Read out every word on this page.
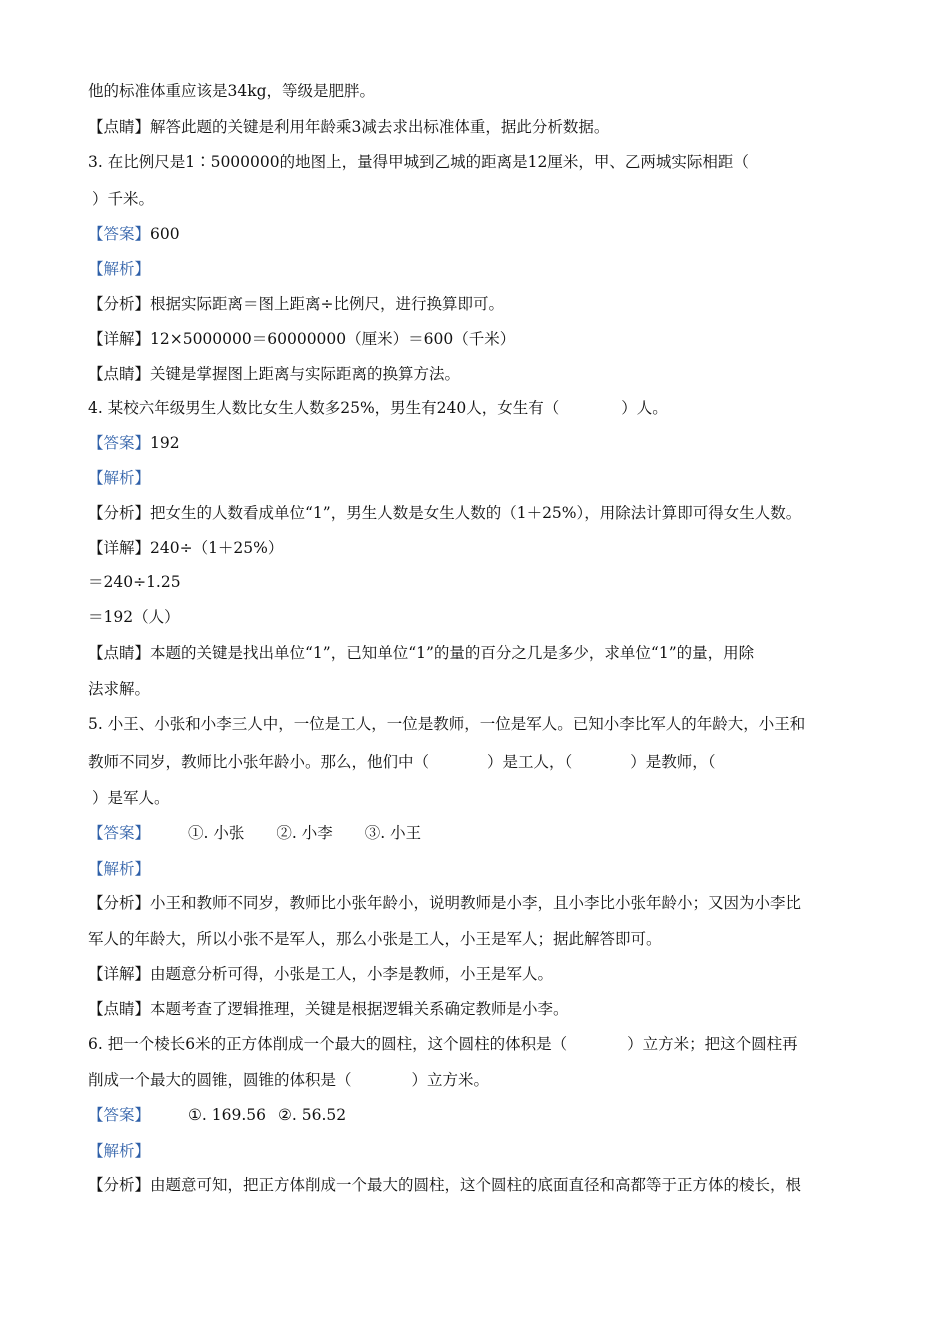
他的标准体重应该是34kg，等级是肥胖。
【点睛】解答此题的关键是利用年龄乘3减去求出标准体重，据此分析数据。
3. 在比例尺是1∶5000000的地图上，量得甲城到乙城的距离是12厘米，甲、乙两城实际相距（
）千米。
【答案】600
【解析】
【分析】根据实际距离＝图上距离÷比例尺，进行换算即可。
【详解】12×5000000＝60000000（厘米）＝600（千米）
【点睛】关键是掌握图上距离与实际距离的换算方法。
4. 某校六年级男生人数比女生人数多25%，男生有240人，女生有（	）人。
【答案】192
【解析】
【分析】把女生的人数看成单位“1”，男生人数是女生人数的（1＋25%），用除法计算即可得女生人数。
【详解】240÷（1＋25%）
＝240÷1.25
＝192（人）
【点睛】本题的关键是找出单位“1”，已知单位“1”的量的百分之几是多少，求单位“1”的量，用除
法求解。
5. 小王、小张和小李三人中，一位是工人，一位是教师，一位是军人。已知小李比军人的年龄大，小王和
教师不同岁，教师比小张年龄小。那么，他们中（	）是工人，（	）是教师，（
）是军人。
【答案】 ①. 小张 ②. 小李 ③. 小王
【解析】
【分析】小王和教师不同岁，教师比小张年龄小，说明教师是小李，且小李比小张年龄小；又因为小李比
军人的年龄大，所以小张不是军人，那么小张是工人，小王是军人；据此解答即可。
【详解】由题意分析可得，小张是工人，小李是教师，小王是军人。
【点睛】本题考查了逻辑推理，关键是根据逻辑关系确定教师是小李。
6. 把一个棱长6米的正方体削成一个最大的圆柱，这个圆柱的体积是（	）立方米；把这个圆柱再
削成一个最大的圆锥，圆锥的体积是（	）立方米。
【答案】 ①. 169.56 ②. 56.52
【解析】
【分析】由题意可知，把正方体削成一个最大的圆柱，这个圆柱的底面直径和高都等于正方体的棱长，根
